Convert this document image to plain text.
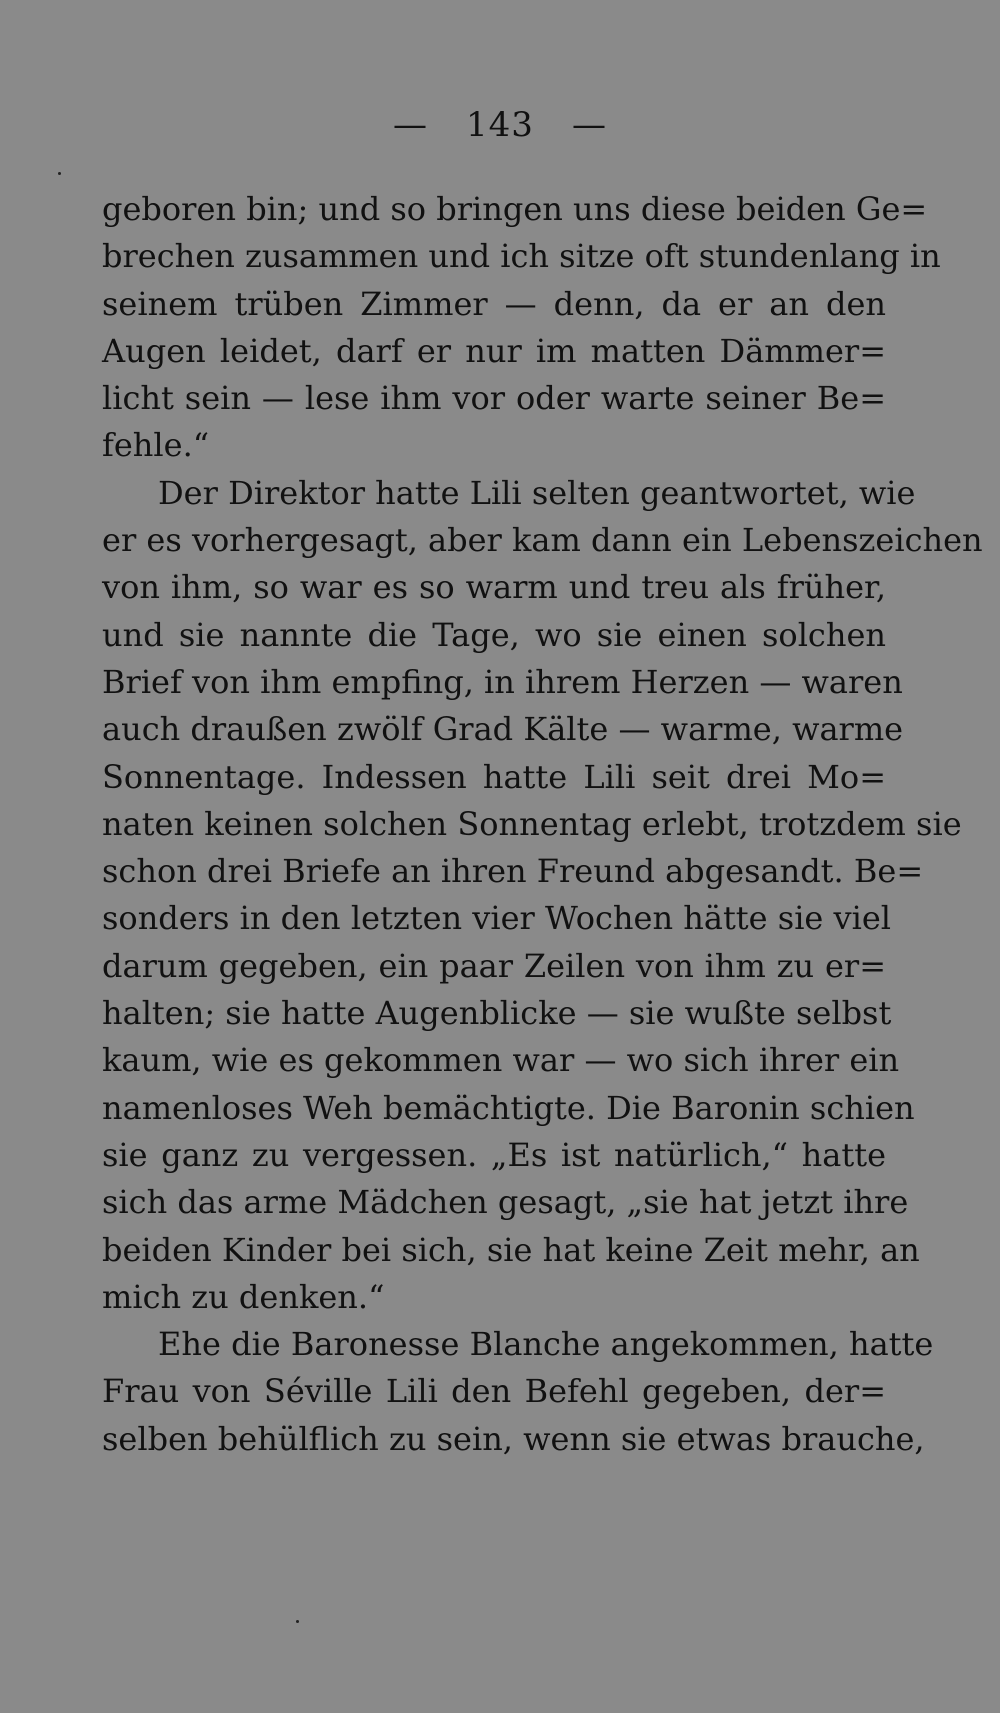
— 143 —
geboren bin; und so bringen uns diese beiden Ge=
brechen zusammen und ich sitze oft stundenlang in
seinem trüben Zimmer — denn, da er an den
Augen leidet, darf er nur im matten Dämmer=
licht sein — lese ihm vor oder warte seiner Be=
fehle.“
Der Direktor hatte Lili selten geantwortet, wie
er es vorhergesagt, aber kam dann ein Lebenszeichen
von ihm, so war es so warm und treu als früher,
und sie nannte die Tage, wo sie einen solchen
Brief von ihm empfing, in ihrem Herzen — waren
auch draußen zwölf Grad Kälte — warme, warme
Sonnentage. Indessen hatte Lili seit drei Mo=
naten keinen solchen Sonnentag erlebt, trotzdem sie
schon drei Briefe an ihren Freund abgesandt. Be=
sonders in den letzten vier Wochen hätte sie viel
darum gegeben, ein paar Zeilen von ihm zu er=
halten; sie hatte Augenblicke — sie wußte selbst
kaum, wie es gekommen war — wo sich ihrer ein
namenloses Weh bemächtigte. Die Baronin schien
sie ganz zu vergessen. „Es ist natürlich,“ hatte
sich das arme Mädchen gesagt, „sie hat jetzt ihre
beiden Kinder bei sich, sie hat keine Zeit mehr, an
mich zu denken.“
Ehe die Baronesse Blanche angekommen, hatte
Frau von Séville Lili den Befehl gegeben, der=
selben behülflich zu sein, wenn sie etwas brauche,
